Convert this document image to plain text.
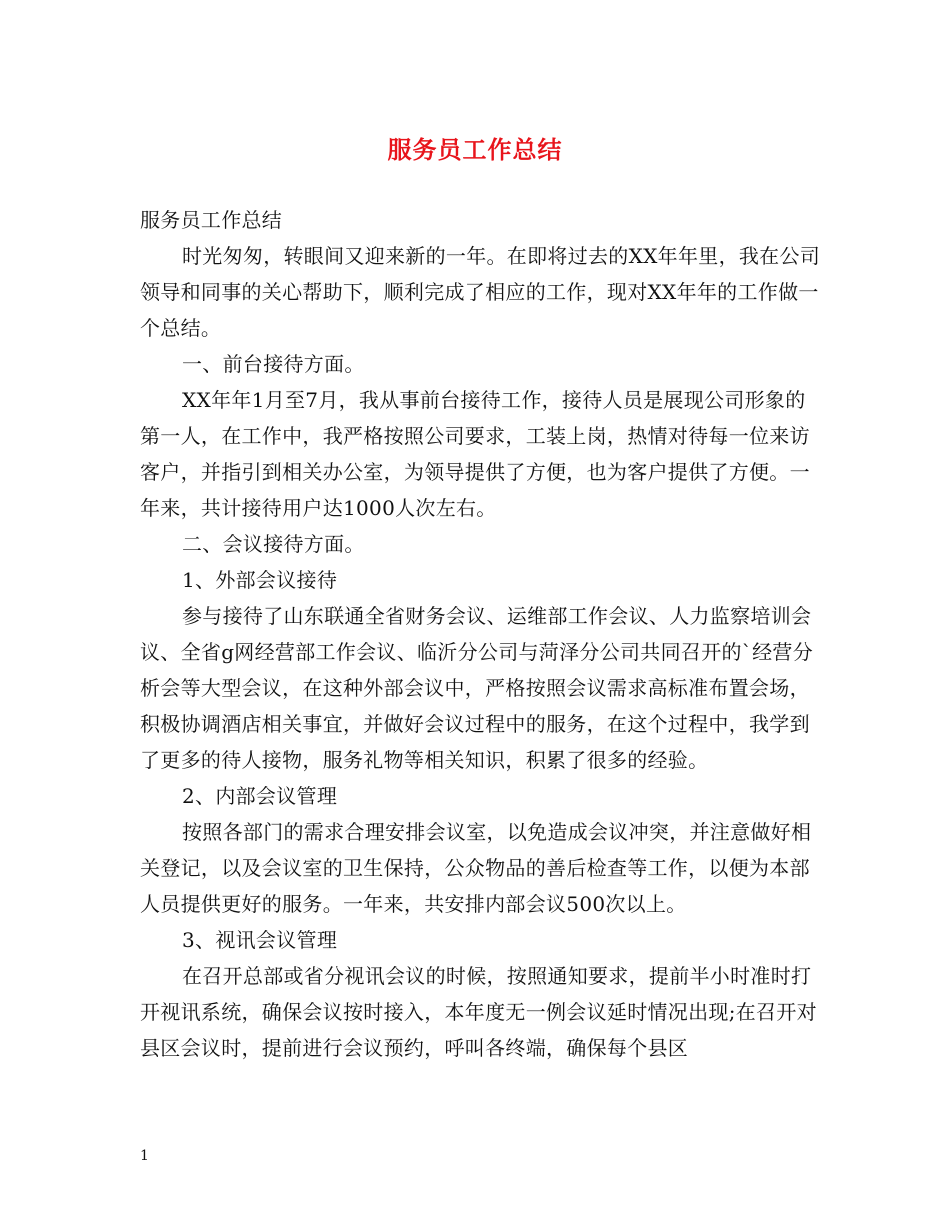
服务员工作总结

服务员工作总结

时光匆匆，转眼间又迎来新的一年。在即将过去的XX年年里，我在公司领导和同事的关心帮助下，顺利完成了相应的工作，现对XX年年的工作做一个总结。

一、前台接待方面。

XX年年1月至7月，我从事前台接待工作，接待人员是展现公司形象的第一人，在工作中，我严格按照公司要求，工装上岗，热情对待每一位来访客户，并指引到相关办公室，为领导提供了方便，也为客户提供了方便。一年来，共计接待用户达1000人次左右。

二、会议接待方面。

1、外部会议接待

参与接待了山东联通全省财务会议、运维部工作会议、人力监察培训会议、全省g网经营部工作会议、临沂分公司与菏泽分公司共同召开的`经营分析会等大型会议，在这种外部会议中，严格按照会议需求高标准布置会场，积极协调酒店相关事宜，并做好会议过程中的服务，在这个过程中，我学到了更多的待人接物，服务礼物等相关知识，积累了很多的经验。

2、内部会议管理

按照各部门的需求合理安排会议室，以免造成会议冲突，并注意做好相关登记，以及会议室的卫生保持，公众物品的善后检查等工作，以便为本部人员提供更好的服务。一年来，共安排内部会议500次以上。

3、视讯会议管理

在召开总部或省分视讯会议的时候，按照通知要求，提前半小时准时打开视讯系统，确保会议按时接入，本年度无一例会议延时情况出现;在召开对县区会议时，提前进行会议预约，呼叫各终端，确保每个县区

1
